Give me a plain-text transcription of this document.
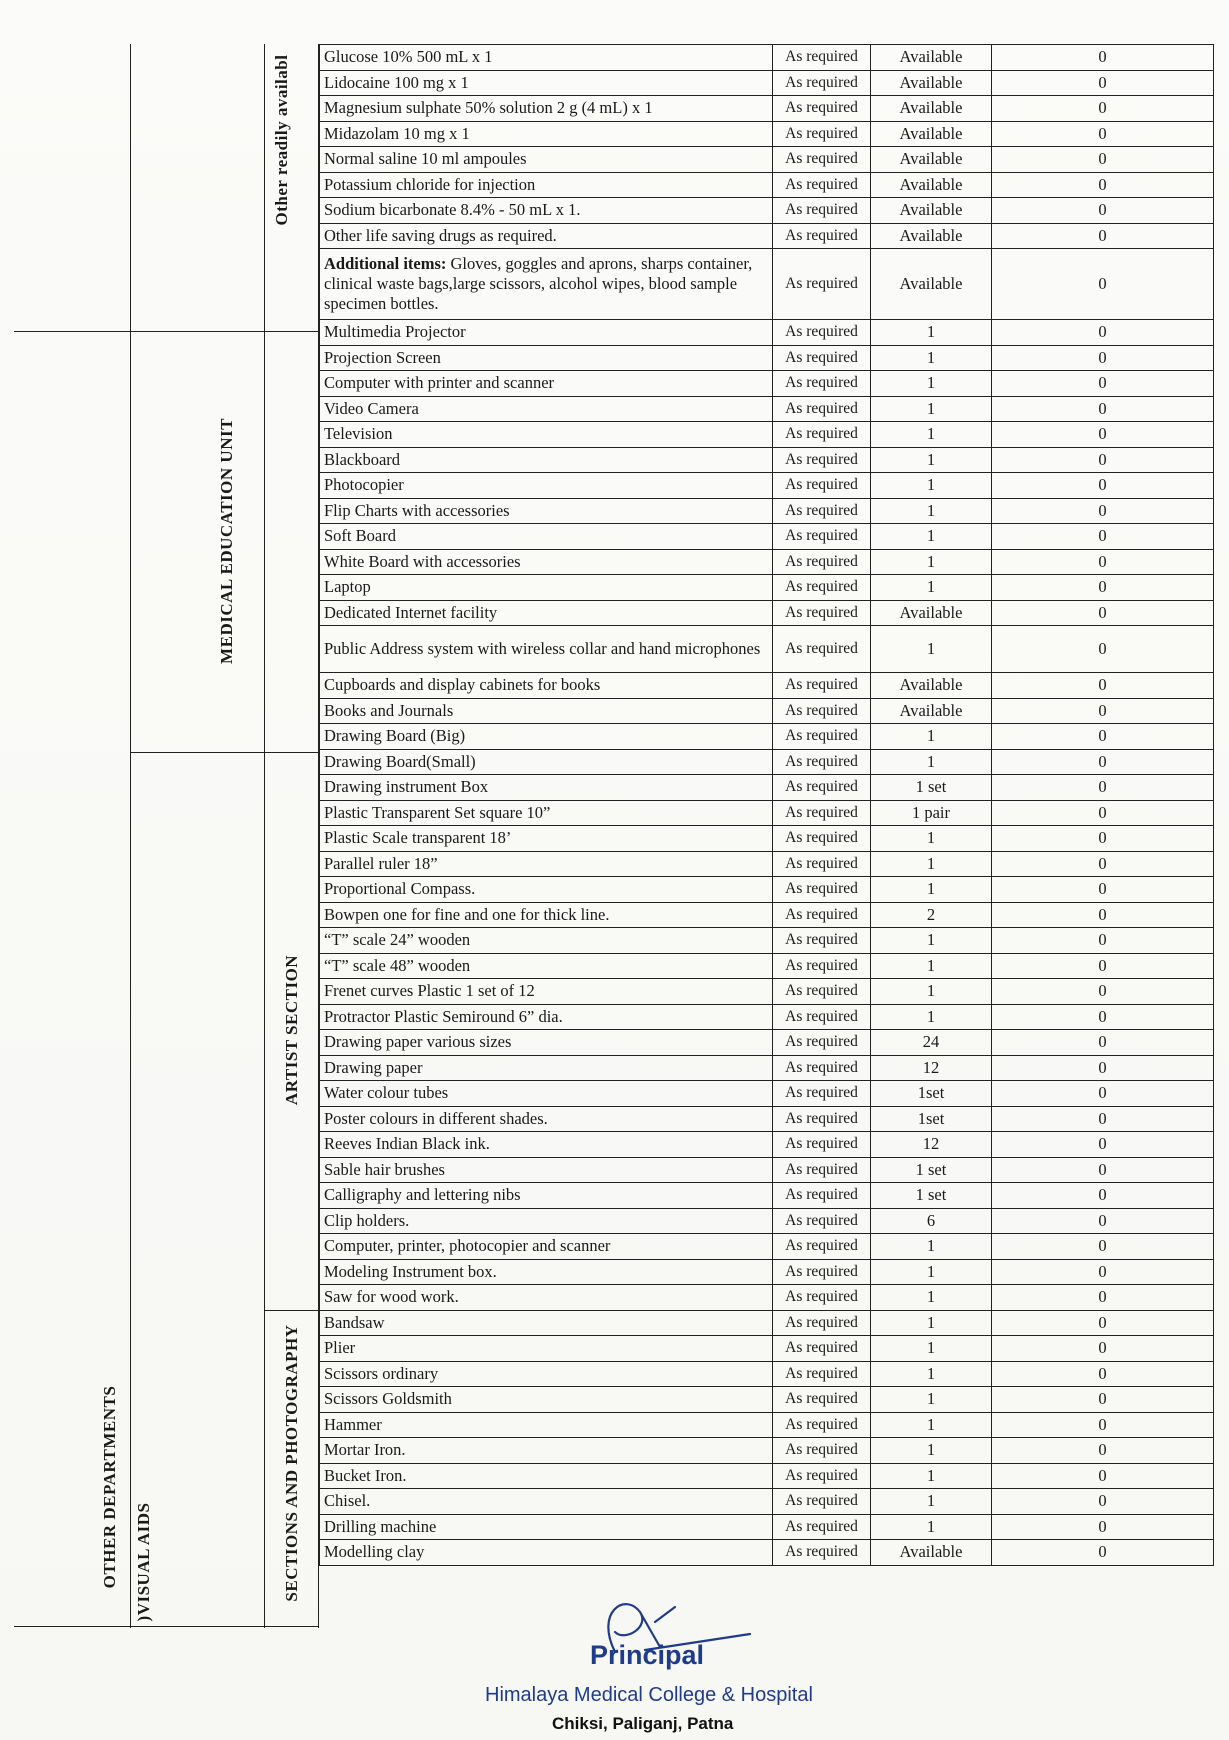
Other readily availabl
MEDICAL EDUCATION UNIT
ARTIST SECTION
SECTIONS AND PHOTOGRAPHY
OTHER DEPARTMENTS )VISUAL AIDS
Glucose 10% 500 mL x 1	As required	Available	0
Lidocaine 100 mg x 1	As required	Available	0
Magnesium sulphate 50% solution 2 g (4 mL) x 1	As required	Available	0
Midazolam 10 mg x 1	As required	Available	0
Normal saline 10 ml ampoules	As required	Available	0
Potassium chloride for injection	As required	Available	0
Sodium bicarbonate 8.4% - 50 mL x 1.	As required	Available	0
Other life saving drugs as required.	As required	Available	0
Additional items: Gloves, goggles and aprons, sharps container, clinical waste bags,large scissors, alcohol wipes, blood sample specimen bottles.	As required	Available	0
Multimedia Projector	As required	1	0
Projection Screen	As required	1	0
Computer with printer and scanner	As required	1	0
Video Camera	As required	1	0
Television	As required	1	0
Blackboard	As required	1	0
Photocopier	As required	1	0
Flip Charts with accessories	As required	1	0
Soft Board	As required	1	0
White Board with accessories	As required	1	0
Laptop	As required	1	0
Dedicated Internet facility	As required	Available	0
Public Address system with wireless collar and hand microphones	As required	1	0
Cupboards and display cabinets for books	As required	Available	0
Books and Journals	As required	Available	0
Drawing Board (Big)	As required	1	0
Drawing Board(Small)	As required	1	0
Drawing instrument Box	As required	1 set	0
Plastic Transparent Set square 10”	As required	1 pair	0
Plastic Scale transparent 18’	As required	1	0
Parallel ruler 18”	As required	1	0
Proportional Compass.	As required	1	0
Bowpen one for fine and one for thick line.	As required	2	0
“T” scale 24” wooden	As required	1	0
“T” scale 48” wooden	As required	1	0
Frenet curves Plastic 1 set of 12	As required	1	0
Protractor Plastic Semiround 6” dia.	As required	1	0
Drawing paper various sizes	As required	24	0
Drawing paper	As required	12	0
Water colour tubes	As required	1set	0
Poster colours in different shades.	As required	1set	0
Reeves Indian Black ink.	As required	12	0
Sable hair brushes	As required	1 set	0
Calligraphy and lettering nibs	As required	1 set	0
Clip holders.	As required	6	0
Computer, printer, photocopier and scanner	As required	1	0
Modeling Instrument box.	As required	1	0
Saw for wood work.	As required	1	0
Bandsaw	As required	1	0
Plier	As required	1	0
Scissors ordinary	As required	1	0
Scissors Goldsmith	As required	1	0
Hammer	As required	1	0
Mortar Iron.	As required	1	0
Bucket Iron.	As required	1	0
Chisel.	As required	1	0
Drilling machine	As required	1	0
Modelling clay	As required	Available	0
Principal
Himalaya Medical College & Hospital
Chiksi, Paliganj, Patna
